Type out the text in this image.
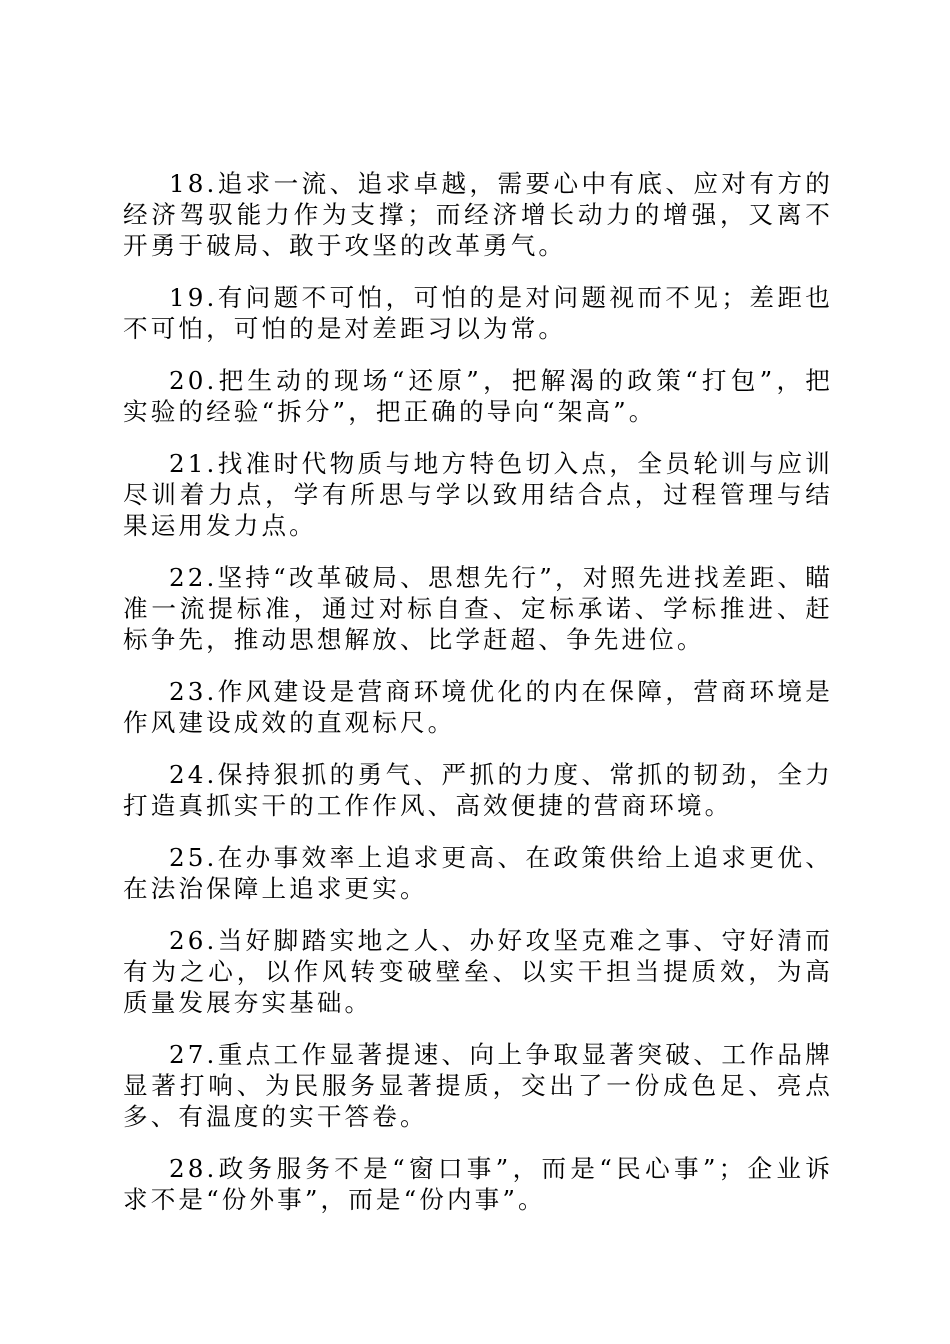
18.追求一流、追求卓越，需要心中有底、应对有方的经济驾驭能力作为支撑；而经济增长动力的增强，又离不开勇于破局、敢于攻坚的改革勇气。

19.有问题不可怕，可怕的是对问题视而不见；差距也不可怕，可怕的是对差距习以为常。

20.把生动的现场“还原”，把解渴的政策“打包”，把实验的经验“拆分”，把正确的导向“架高”。

21.找准时代物质与地方特色切入点，全员轮训与应训尽训着力点，学有所思与学以致用结合点，过程管理与结果运用发力点。

22.坚持“改革破局、思想先行”，对照先进找差距、瞄准一流提标准，通过对标自查、定标承诺、学标推进、赶标争先，推动思想解放、比学赶超、争先进位。

23.作风建设是营商环境优化的内在保障，营商环境是作风建设成效的直观标尺。

24.保持狠抓的勇气、严抓的力度、常抓的韧劲，全力打造真抓实干的工作作风、高效便捷的营商环境。

25.在办事效率上追求更高、在政策供给上追求更优、在法治保障上追求更实。

26.当好脚踏实地之人、办好攻坚克难之事、守好清而有为之心，以作风转变破壁垒、以实干担当提质效，为高质量发展夯实基础。

27.重点工作显著提速、向上争取显著突破、工作品牌显著打响、为民服务显著提质，交出了一份成色足、亮点多、有温度的实干答卷。

28.政务服务不是“窗口事”，而是“民心事”；企业诉求不是“份外事”，而是“份内事”。
